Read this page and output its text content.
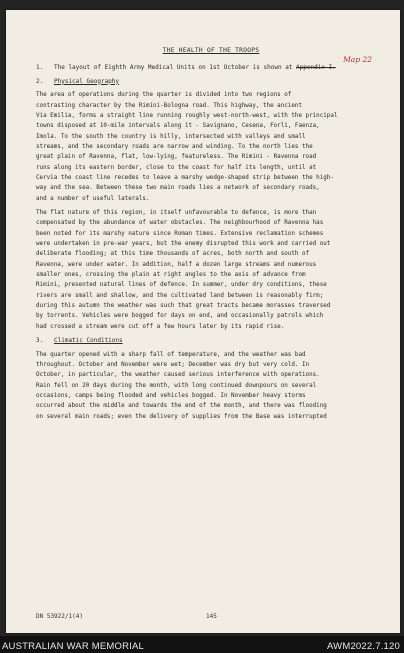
THE HEALTH OF THE TROOPS
1. The layout of Eighth Army Medical Units on 1st October is shown at Appendix I.
Map 22
2. Physical Geography
The area of operations during the quarter is divided into two regions of
contrasting character by the Rimini-Bologna road. This highway, the ancient
Via Emilia, forms a straight line running roughly west-north-west, with the principal
towns disposed at 10-mile intervals along it - Savignano, Cesena, Forli, Faenza,
Imola. To the south the country is hilly, intersected with valleys and small
streams, and the secondary roads are narrow and winding. To the north lies the
great plain of Ravenna, flat, low-lying, featureless. The Rimini - Ravenna road
runs along its eastern border, close to the coast for half its length, until at
Cervia the coast line recedes to leave a marshy wedge-shaped strip between the high-
way and the sea. Between these two main roads lies a network of secondary roads,
and a number of useful laterals.
The flat nature of this region, in itself unfavourable to defence, is more than
compensated by the abundance of water obstacles. The neighbourhood of Ravenna has
been noted for its marshy nature since Roman times. Extensive reclamation schemes
were undertaken in pre-war years, but the enemy disrupted this work and carried out
deliberate flooding; at this time thousands of acres, both north and south of
Ravenna, were under water. In addition, half a dozen large streams and numerous
smaller ones, crossing the plain at right angles to the axis of advance from
Rimini, presented natural lines of defence. In summer, under dry conditions, these
rivers are small and shallow, and the cultivated land between is reasonably firm;
during this autumn the weather was such that great tracts became morasses traversed
by torrents. Vehicles were bogged for days on end, and occasionally patrols which
had crossed a stream were cut off a few hours later by its rapid rise.
3. Climatic Conditions
The quarter opened with a sharp fall of temperature, and the weather was bad
throughout. October and November were wet; December was dry but very cold. In
October, in particular, the weather caused serious interference with operations.
Rain fell on 20 days during the month, with long continued downpours on several
occasions, camps being flooded and vehicles bogged. In November heavy storms
occurred about the middle and towards the end of the month, and there was flooding
on several main roads; even the delivery of supplies from the Base was interrupted
DN 53922/1(4)	145
AUSTRALIAN WAR MEMORIAL	AWM2022.7.120
